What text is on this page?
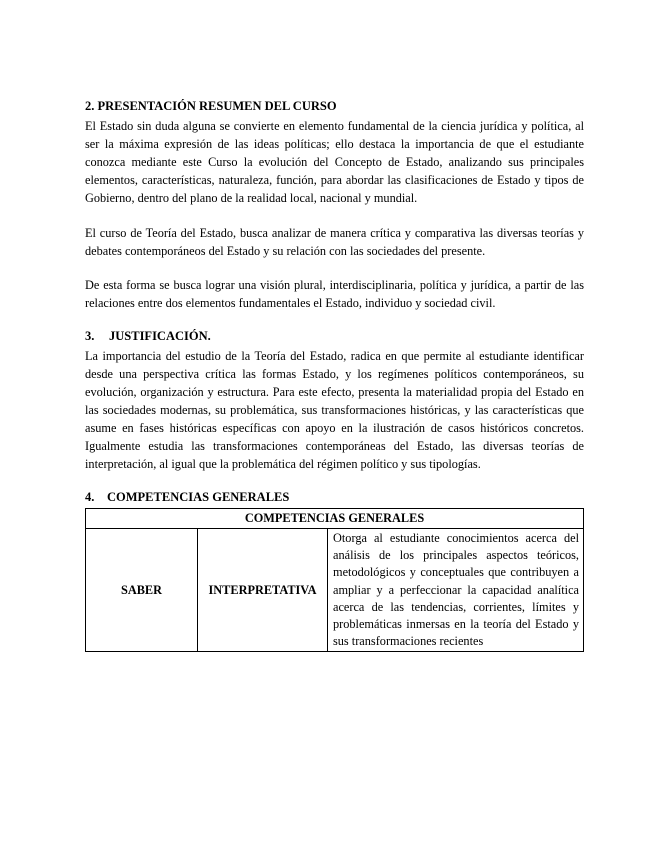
2. PRESENTACIÓN RESUMEN DEL CURSO

El Estado sin duda alguna se convierte en elemento fundamental de la ciencia jurídica y política, al ser la máxima expresión de las ideas políticas; ello destaca la importancia de que el estudiante conozca mediante este Curso la evolución del Concepto de Estado, analizando sus principales elementos, características, naturaleza, función, para abordar las clasificaciones de Estado y tipos de Gobierno, dentro del plano de la realidad local, nacional y mundial.

El curso de Teoría del Estado, busca analizar de manera crítica y comparativa las diversas teorías y debates contemporáneos del Estado y su relación con las sociedades del presente.

De esta forma se busca lograr una visión plural, interdisciplinaria, política y jurídica, a partir de las relaciones entre dos elementos fundamentales el Estado, individuo y sociedad civil.

3. JUSTIFICACIÓN.

La importancia del estudio de la Teoría del Estado, radica en que permite al estudiante identificar desde una perspectiva crítica las formas Estado, y los regímenes políticos contemporáneos, su evolución, organización y estructura. Para este efecto, presenta la materialidad propia del Estado en las sociedades modernas, su problemática, sus transformaciones históricas, y las características que asume en fases históricas específicas con apoyo en la ilustración de casos históricos concretos. Igualmente estudia las transformaciones contemporáneas del Estado, las diversas teorías de interpretación, al igual que la problemática del régimen político y sus tipologías.

4. COMPETENCIAS GENERALES
COMPETENCIAS GENERALES
SABER	INTERPRETATIVA	Otorga al estudiante conocimientos acerca del análisis de los principales aspectos teóricos, metodológicos y conceptuales que contribuyen a ampliar y a perfeccionar la capacidad analítica acerca de las tendencias, corrientes, límites y problemáticas inmersas en la teoría del Estado y sus transformaciones recientes
